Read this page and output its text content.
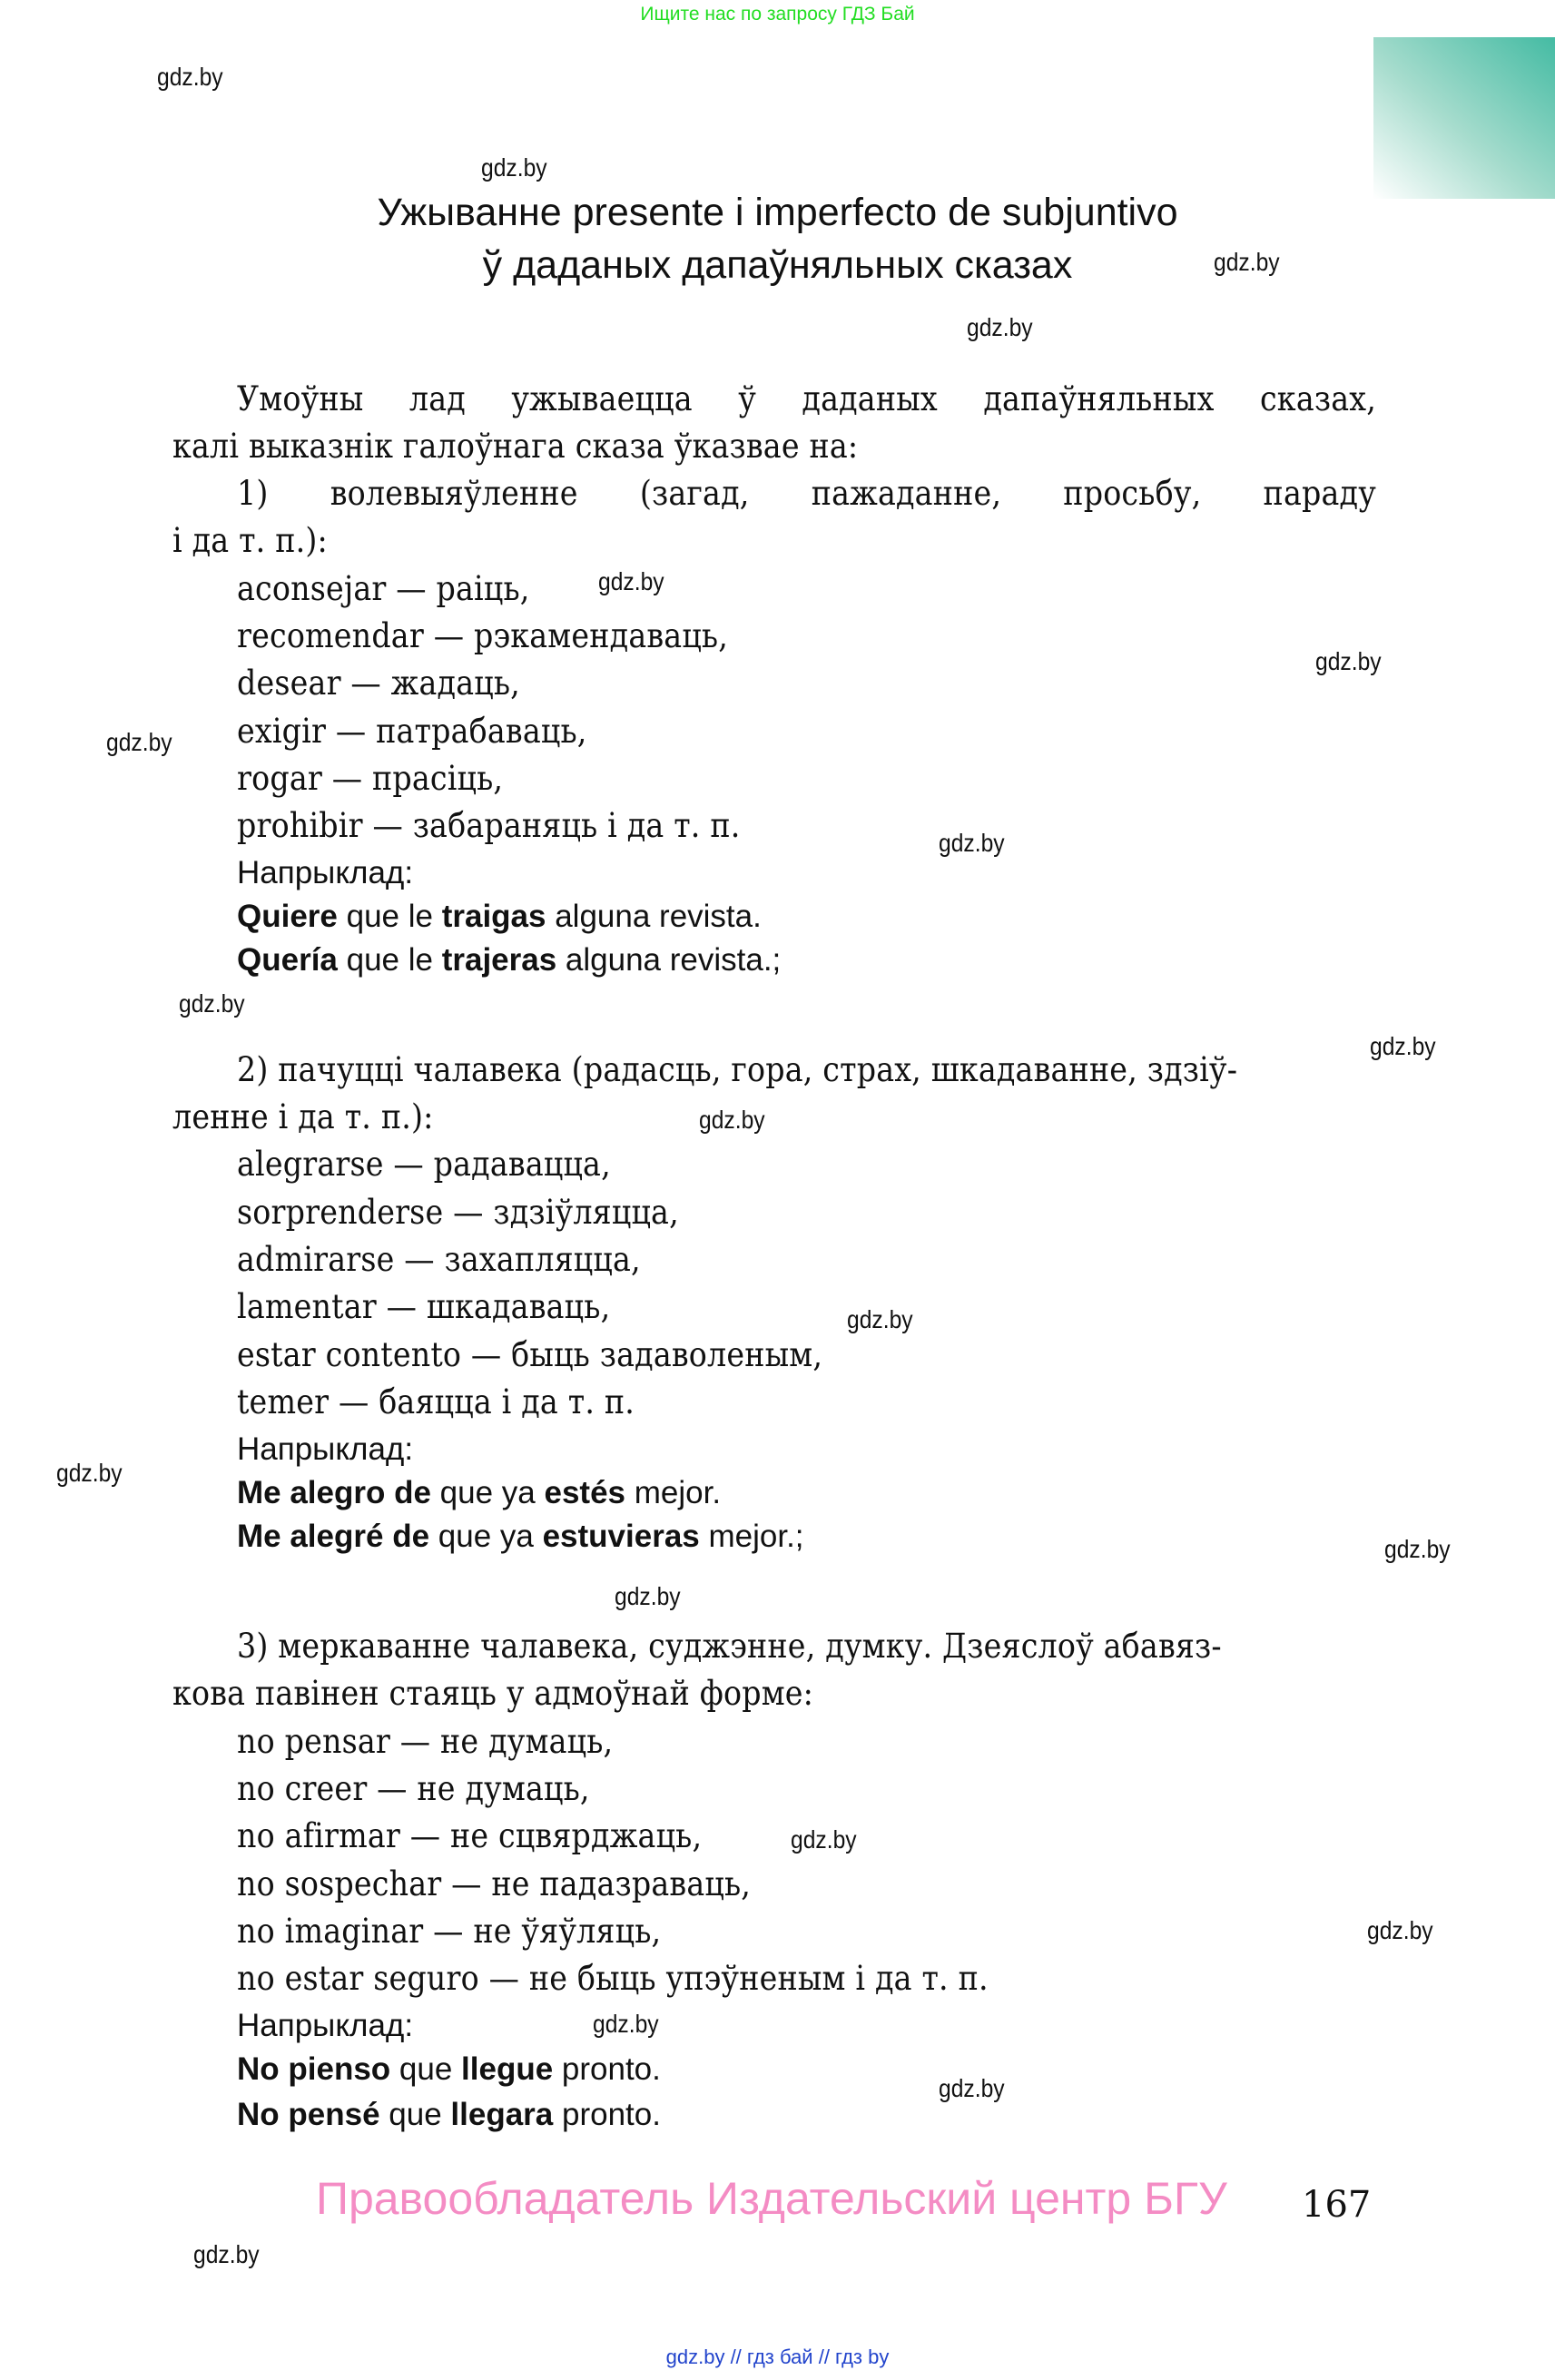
Ищите нас по запросу ГДЗ Бай
gdz.by
gdz.by
gdz.by
gdz.by
gdz.by
gdz.by
gdz.by
gdz.by
gdz.by
gdz.by
gdz.by
gdz.by
gdz.by
gdz.by
gdz.by
gdz.by
gdz.by
gdz.by
gdz.by
gdz.by
Ужыванне presente i imperfecto de subjuntivo
ў даданых дапаўняльных сказах
Умоўны лад ужываецца ў даданых дапаўняльных сказах,
калі выказнік галоўнага сказа ўказвае на:
1) волевыяўленне (загад, пажаданне, просьбу, параду
і да т. п.):
aconsejar — раіць,
recomendar — рэкамендаваць,
desear — жадаць,
exigir — патрабаваць,
rogar — прасіць,
prohibir — забараняць і да т. п.
Напрыклад:
Quiere que le traigas alguna revista.
Quería que le trajeras alguna revista.;
2) пачуцці чалавека (радасць, гора, страх, шкадаванне, здзіў-
ленне і да т. п.):
alegrarse — радавацца,
sorprenderse — здзіўляцца,
admirarse — захапляцца,
lamentar — шкадаваць,
estar contento — быць задаволеным,
temer — баяцца і да т. п.
Напрыклад:
Me alegro de que ya estés mejor.
Me alegré de que ya estuvieras mejor.;
3) меркаванне чалавека, суджэнне, думку. Дзеяслоў абавяз-
кова павінен стаяць у адмоўнай форме:
no pensar — не думаць,
no creer — не думаць,
no afirmar — не сцвярджаць,
no sospechar — не падазраваць,
no imaginar — не ўяўляць,
no estar seguro — не быць упэўненым і да т. п.
Напрыклад:
No pienso que llegue pronto.
No pensé que llegara pronto.
Правообладатель Издательский центр БГУ 167
gdz.by // гдз бай // гдз by
